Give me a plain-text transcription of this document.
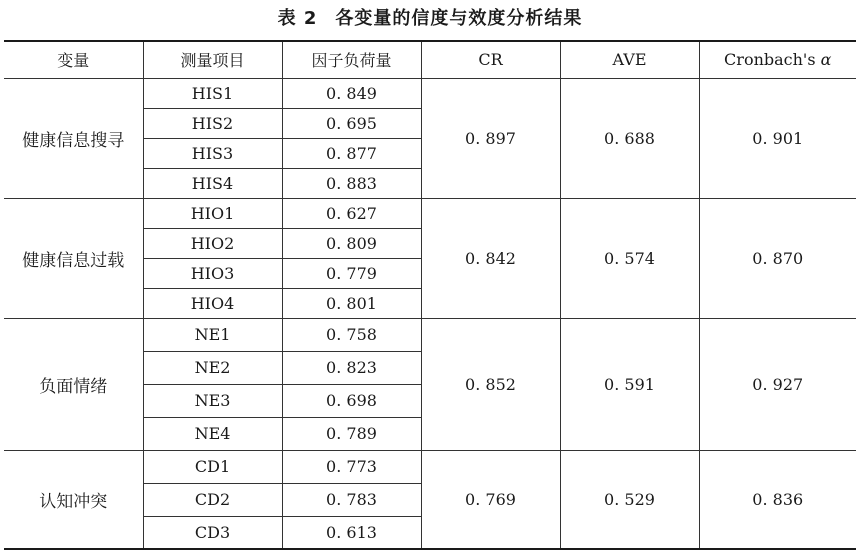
表 2 各变量的信度与效度分析结果
变量	测量项目	因子负荷量	CR	AVE	Cronbach's α
健康信息搜寻	HIS1	0. 849	0. 897	0. 688	0. 901
	HIS2	0. 695			
	HIS3	0. 877			
	HIS4	0. 883			
健康信息过载	HIO1	0. 627	0. 842	0. 574	0. 870
	HIO2	0. 809			
	HIO3	0. 779			
	HIO4	0. 801			
负面情绪	NE1	0. 758	0. 852	0. 591	0. 927
	NE2	0. 823			
	NE3	0. 698			
	NE4	0. 789			
认知冲突	CD1	0. 773	0. 769	0. 529	0. 836
	CD2	0. 783			
	CD3	0. 613			
